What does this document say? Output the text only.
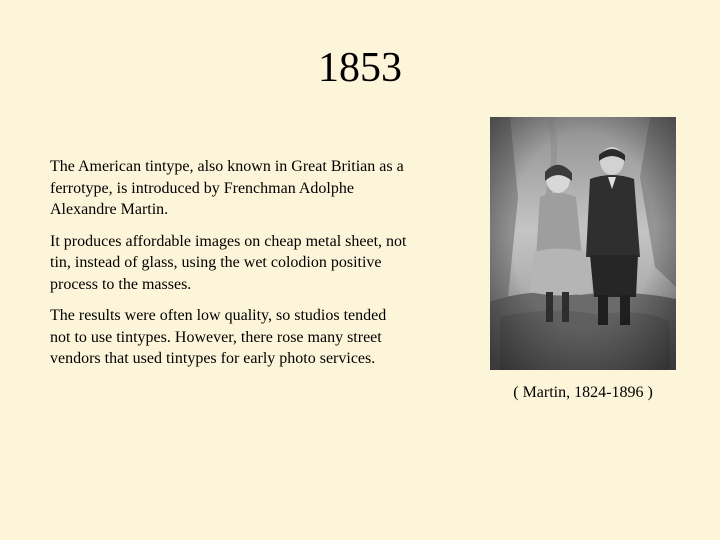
1853

The American tintype, also known in Great Britian as a ferrotype, is introduced by Frenchman Adolphe Alexandre Martin.

It produces affordable images on cheap metal sheet, not tin, instead of glass, using the wet colodion positive process to the masses.

The results were often low quality, so studios tended not to use tintypes. However, there rose many street vendors that used tintypes for early photo services.

( Martin, 1824-1896 )
